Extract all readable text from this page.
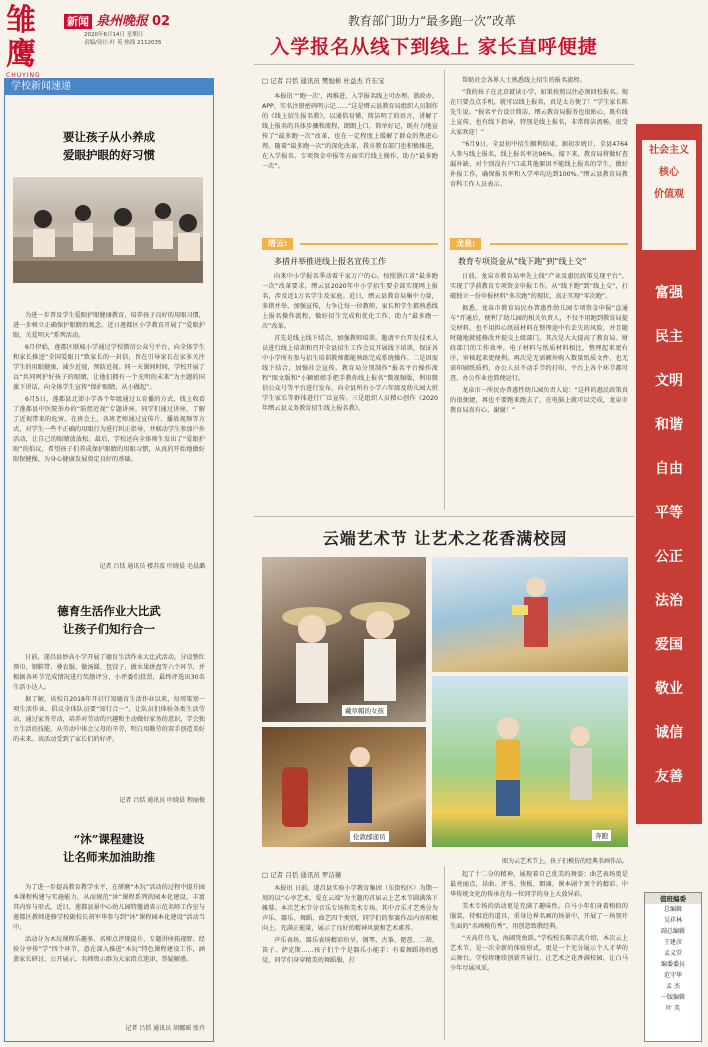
雏鹰
CHUYING
新闻 泉州晚报 02
2020年6月14日 星期日
责编/设计:叶 英 热线 2112035
教育部门助力“最多跑一次”改革
入学报名从线下到线上 家长直呼便捷
学校新闻速递
要让孩子从小养成
爱眼护眼的好习惯

为进一步普及学生爱眼护眼健康教育，培养孩子良好的用眼习惯，进一步树立正确保护眼睛的观念。近日莲都区小学教育开展了“爱眼护眼，关爱明天”系列活动。

6月伊始，莲都区联城小学通过学校微信公众号平台，向全体学生和家长推送“全国爱眼日”致家长的一封信，旨在引导家长在家多关注学生的用眼健康，减少近视，预防近视。同一天课间时间，学校开展了以“共同呵护好孩子的眼睛，让他们拥有一个光明的未来”为主题的国旗下讲话，向全体学生宣传“保护眼睛，从小做起”。

6月5日，莲都县北郊小学各个年级通过五育播的方式，线上收看了莲都县中医院举办的“防控近视”专题讲座。同学们通过讲座，了解了近视带来的危害。在班会上，各班老师通过宣传片、播放视频等方式，对学生一些不正确的用眼行为进行纠正指导，并联动学生参加户外活动，让自己的眼睛放放松。最后，学校还向全体师生发出了“爱眼护眼”的倡议，希望孩子们养成保护眼睛的用眼习惯，从真的开始地做好眼保健操，为身心健康发展奠定良好的基础。

记者 吕恬 通讯员 楼苏波 叶晓晨 毛晨璐
德育生活作业大比武
让孩子们知行合一

日前，遂昌县妙高小学开展了德育生活作业大比武活动，分设整红领巾、钢鞋带、叠衣服、做汤圆、包饺子、做水果拼盘等六个环节，并根据各环节完成情况进行奖励评分，小评委们投票，最终评选出30名生活小达人。

据了解，该校自2018年开启行知德育生活作业以来，每周策划一项生活作业，倡议全体队员要“知行合一”，让队员们体验各类生活劳动，通过家务劳动，培养对劳动的兴趣和主动做好家务的意识，学会独立生活的技能，从劳动中体会父母的辛劳，明白用勤劳的双手创造美好的未来。该活动受到了家长们的好评。

记者 吕恬 通讯员 叶晓晨 程丽俊
“沐”课程建设
让名师来加油助推

为了进一步提高教育教学水平，在研磨“木玩”活动的过程中提升园本课程构建与实施能力，从而规范“沐”课程系列的园本化建设、丰富其内容与形式，近日，莲都县景中心幼儿园特邀请省示范名师工作室与莲都区教师进修学校副校长胡军华参与到“沐”课程园本化建设”活动当中。

活动分为木玩课程乐趣多、名师点评现提升、专题讲座拓视野、经验分享传“学”四个环节，意在深入推进“木玩”特色课程建设工作，涵盖家长研讨、公开展示，名师资示群为大家指点迷津，答疑解惑。

记者 吕恬 通讯员 胡娜瑶 张卉
□ 记者 吕恬 通讯员 樊旭彬 杜益杰 许东宝

本报讯 “‘跑一次’，再推进，入学报名线上可办理。浙政办、APP、实名注册密码明示记……”这是缙云县教育局组织人员制作的《线上招生报名教》，以通俗易懂、简洁明了的语言，讲解了线上报名的具体步骤和流程，朗朗上口，简单好记，既有力地宣传了“最多跑一次”改革，也在一定程度上缓解了群众的焦虑心理。随着“最多跑一次”的深化改革，我市教育部门也积极推进，在入学报名、专项资金申报等方面实行线上操作，助力“最多跑一次”。

缙云:
多措并举推进线上报名宣传工作

向来中小学报名季动着千家万户的心。按照浙江省“最多跑一次”改革要求，缙云县2020年中小学招生要全部实现网上报名，涉及近1万名学生及家庭。近日，缙云县教育局集中力量，多措并举，加强宣传，力争让每一位教师、家长和学生都熟悉线上报名操作流程，做好招生完成和优化工作，助力“最多跑一次”改革。

首先是线上线下结合，加强教师培训。邀请平台开发技术人员进行线上培训和召开全县招生工作会议开展线下培训，保证各中小学所有参与招生培训教师都能熟练完成系统操作。二是因需线下结合，加强社会宣传。教育局分别制作“报名平台操作流程”图文版和“小颖姐姐手把手教你线上报名”微视频版，利用微信公众号等平台进行发布，向全县所有小学六年级及幼儿园大班学生家长等群体进行广泛宣传。三是组织人员精心创作《2020年缙云县义务教育招生线上报名教》。

帮助社会各界人士熟悉线上招生的报名流程。

“我的孩子在北京就读小学，如果按照以往必须回校报名。现在只要点点手机，就可以线上报名，真是太方便了！”学生家长陈先生说。“报名平台设计简洁，缙云教育局服务也很贴心，既有线上宣传，也有线下指导，特别是线上报名，非常简洁流畅，很受大家欢迎！”

“6月9日，全县初中招生顺利结束。据初步统计，全县4764人参与线上报名，线上报名率达96%。接下来，教育局将做好查漏补缺，对个别没有户口或其他原因不能线上报名的学生，做好补报工作，确保报名率和入学率均达到100%。”缙云县教育局教育科工作人员表示。

龙泉:
教育专项资金从“线下跑”到“线上交”

日前，龙泉市教育局率先上线“产业及惠民政策兑现平台”，实现了学前教育专项资金申报工作，从“线下跑”到“线上交”，打破独立一份申报材料“多次跑”的现状，真正实现“零次跑”。

据悉，龙泉市教育局民办普惠性幼儿园专项资金申报“直通车”开通后，便利了幼儿园的相关负责人，不仅不用跑到教育局提交材料，也不用担心纸质材料在整理途中有丢失的风险，并且随时随地就能修改并提交上级部门。其次是大大提高了教育局、财政部门的工作效率，电子材料与纸质材料相比，整理起来更有序，审核起来更便利。再次是无需额外购入数量纸质文件，也无需印刷纸质档，办公人员不动手节约打印，平台上各个环节都可查，办公作业也简便运行。

龙泉市一所民办普惠性幼儿园负责人说：“这样的惠民政策真的很便捷，再也不要跑来跑去了，在电脑上就可以完成，龙泉市教育局真有心，谢谢！”

云端艺术节 让艺术之花香满校园
戴草帽的女孩
伦敦邮递员	奔跑
图为云艺术节上，孩子们模仿的经典名画作品。
□ 记者 吕恬 通讯员 罗洁薇

本报讯 日前，遂昌县实验小学教育集团（东街校区）为期一周的以“心享艺术，爱在云端”为主题的首届云上艺术节圆满落下帷幕。本次艺术节分音乐专场和美术专场。其中音乐才艺秀分为声乐、器乐、舞蹈、曲艺四个类别，同学们的参赛作品内容积极向上，充满正能量，展示了良好的精神风貌和艺术素养。

声乐表场，器乐表场精彩纷呈，钢琴、古筝、琵琶、二胡、笛子、萨克斯……孩子们个个是器乐小能手；有着舞蹈场的感觉，同学们身穿精美的舞蹈服，打

起了十二分的精神，展现着自己优美的舞姿；曲艺表场更是最亮丽点，昂曲、评书、快板、朗诵，课本剧个顶个的精彩。中华传统文化的传承在每一位同学的身上大放异彩。

美术专场的活动更是充满了趣味性。自马小年们身着相似的服装，持相近的道具，重身边界名画的场景中，开展了一场别开生面的“名画模仿秀”，用创意致敬经典。

“天高任鸟飞，海阔凭鱼跃。”学校校长陈宗武介绍，本次云上艺术节，是一次全新的体验形式，更是一个充分展示个人才华的云舞台。学校将继续创新开展行，让艺术之花香满校园，让白马少年尽展风采。

社会主义
核心
价值观
富强
民主
文明
和谐
自由
平等
公正
法治
爱国
敬业
诚信
友善
值班编委
总编辑
吴祥林
副总编辑
王建彦
孟义堂
编委委员
范守华
孟 杰
一版编辑
叶 英
